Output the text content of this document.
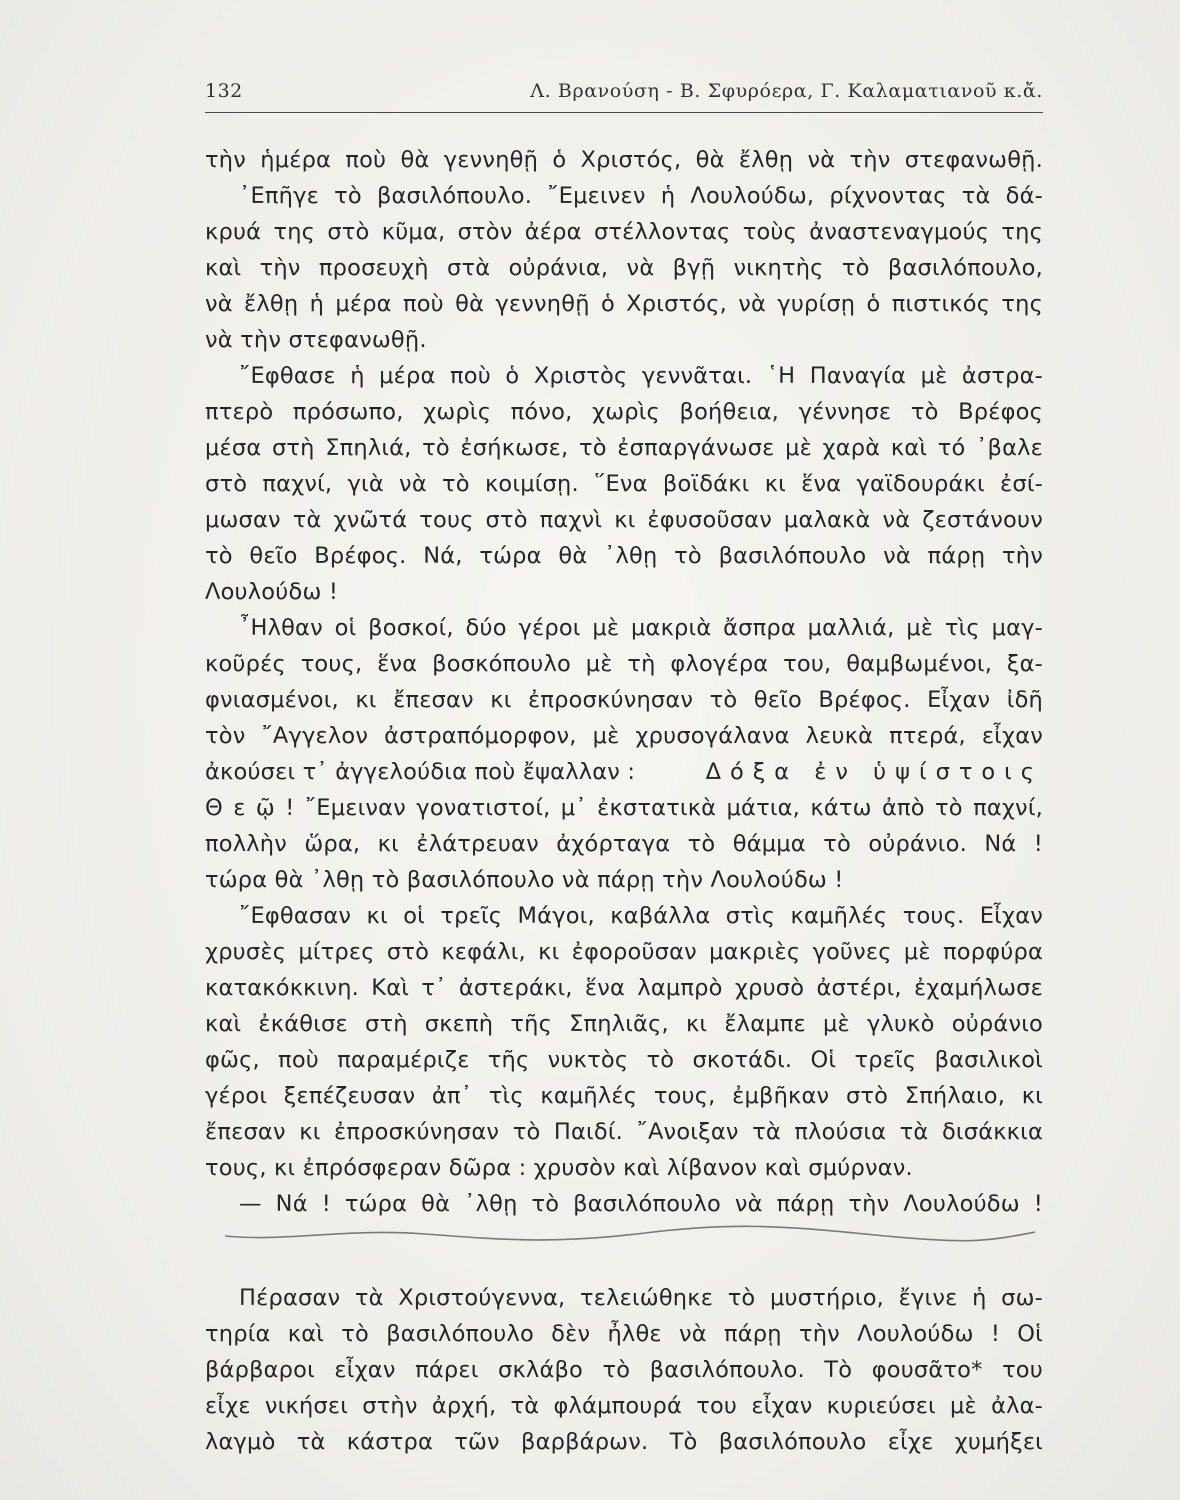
132	Λ. Βρανούση - Β. Σφυρόερα, Γ. Καλαματιανοῦ κ.ἄ.
τὴν ἡμέρα ποὺ θὰ γεννηθῇ ὁ Χριστός, θὰ ἔλθῃ νὰ τὴν στεφανωθῇ.
᾿Επῆγε τὸ βασιλόπουλο. ῎Εμεινεν ἡ Λουλούδω, ρίχνοντας τὰ δά-
κρυά της στὸ κῦμα, στὸν ἀέρα στέλλοντας τοὺς ἀναστεναγμούς της
καὶ τὴν προσευχὴ στὰ οὐράνια, νὰ βγῇ νικητὴς τὸ βασιλόπουλο,
νὰ ἔλθῃ ἡ μέρα ποὺ θὰ γεννηθῇ ὁ Χριστός, νὰ γυρίσῃ ὁ πιστικός της
νὰ τὴν στεφανωθῇ.
῎Εφθασε ἡ μέρα ποὺ ὁ Χριστὸς γεννᾶται. ῾Η Παναγία μὲ ἀστρα-
πτερὸ πρόσωπο, χωρὶς πόνο, χωρὶς βοήθεια, γέννησε τὸ Βρέφος
μέσα στὴ Σπηλιά, τὸ ἐσήκωσε, τὸ ἐσπαργάνωσε μὲ χαρὰ καὶ τό ᾿βαλε
στὸ παχνί, γιὰ νὰ τὸ κοιμίσῃ. ῞Ενα βοϊδάκι κι ἕνα γαϊδουράκι ἐσί-
μωσαν τὰ χνῶτά τους στὸ παχνὶ κι ἐφυσοῦσαν μαλακὰ νὰ ζεστάνουν
τὸ θεῖο Βρέφος. Νά, τώρα θὰ ᾿λθῃ τὸ βασιλόπουλο νὰ πάρῃ τὴν
Λουλούδω !
῏Ηλθαν οἱ βοσκοί, δύο γέροι μὲ μακριὰ ἄσπρα μαλλιά, μὲ τὶς μαγ-
κοῦρές τους, ἕνα βοσκόπουλο μὲ τὴ φλογέρα του, θαμβωμένοι, ξα-
φνιασμένοι, κι ἔπεσαν κι ἐπροσκύνησαν τὸ θεῖο Βρέφος. Εἶχαν ἰδῆ
τὸν ῎Αγγελον ἀστραπόμορφον, μὲ χρυσογάλανα λευκὰ πτερά, εἶχαν
ἀκούσει τ᾿ ἀγγελούδια ποὺ ἔψαλλαν :	Δόξα ἐν ὑψίστοις
Θ ε ῷ ! ῎Εμειναν γονατιστοί, μ᾿ ἐκστατικὰ μάτια, κάτω ἀπὸ τὸ παχνί,
πολλὴν ὥρα, κι ἐλάτρευαν ἀχόρταγα τὸ θάμμα τὸ οὐράνιο. Νά !
τώρα θὰ ᾿λθῃ τὸ βασιλόπουλο νὰ πάρῃ τὴν Λουλούδω !
῎Εφθασαν κι οἱ τρεῖς Μάγοι, καβάλλα στὶς καμῆλές τους. Εἶχαν
χρυσὲς μίτρες στὸ κεφάλι, κι ἐφοροῦσαν μακριὲς γοῦνες μὲ πορφύρα
κατακόκκινη. Καὶ τ᾿ ἀστεράκι, ἕνα λαμπρὸ χρυσὸ ἀστέρι, ἐχαμήλωσε
καὶ ἐκάθισε στὴ σκεπὴ τῆς Σπηλιᾶς, κι ἔλαμπε μὲ γλυκὸ οὐράνιο
φῶς, ποὺ παραμέριζε τῆς νυκτὸς τὸ σκοτάδι. Οἱ τρεῖς βασιλικοὶ
γέροι ξεπέζευσαν ἀπ᾿ τὶς καμῆλές τους, ἐμβῆκαν στὸ Σπήλαιο, κι
ἔπεσαν κι ἐπροσκύνησαν τὸ Παιδί. ῎Ανοιξαν τὰ πλούσια τὰ δισάκκια
τους, κι ἐπρόσφεραν δῶρα : χρυσὸν καὶ λίβανον καὶ σμύρναν.
— Νά ! τώρα θὰ ᾿λθῃ τὸ βασιλόπουλο νὰ πάρῃ τὴν Λουλούδω !
Πέρασαν τὰ Χριστούγεννα, τελειώθηκε τὸ μυστήριο, ἔγινε ἡ σω-
τηρία καὶ τὸ βασιλόπουλο δὲν ἦλθε νὰ πάρῃ τὴν Λουλούδω ! Οἱ
βάρβαροι εἶχαν πάρει σκλάβο τὸ βασιλόπουλο. Τὸ φουσᾶτο* του
εἶχε νικήσει στὴν ἀρχή, τὰ φλάμπουρά του εἶχαν κυριεύσει μὲ ἀλα-
λαγμὸ τὰ κάστρα τῶν βαρβάρων. Τὸ βασιλόπουλο εἶχε χυμήξει
